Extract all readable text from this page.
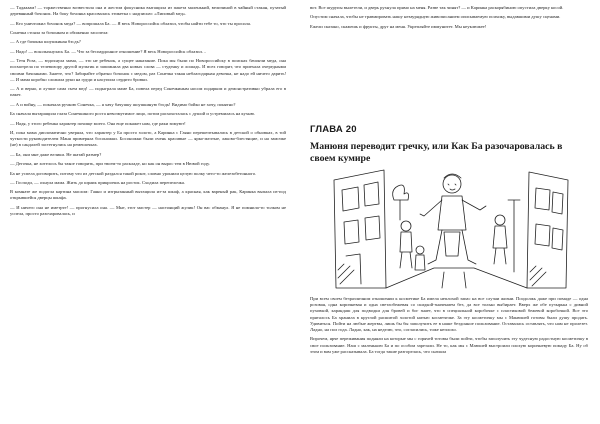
— Тадаааам! — торжественно возвестила она и жестом фокусника вытащила из пакета маленький, величиной в чайный стакан, пузатый деревянный бочонок. На боку бочонка красовалась этикетка с надписью: «Липовый мед».

— Кто уничтожил бочонок меда? — вопрошала Ба. — Я весь Новороссийск облазил, чтобы найти тебе то, что ты просила.

Сонечка стояла за бочонком и обиженно засопела:

— А где бачонка шоушкиная бэсдь?

— Надо! — всколыхнулась Ба. — Что за беспардонное отношение? Я весь Новороссийск облазил…

— Тетя Роза, — вздохнула мама, — это не ребенок, а сущее наказание. Пока мы были по Новороссийску в поисках бачончи меда, она посмотрела по телевизору другой мультик и запомнила два новых слова — студенку и лошадь. И всех говорит, что приехала очередными своими бачонками. Знаете, что? Забирайте обратно бочонок с медом, раз Сонечка такая неблагодарная девочка, не надо ей ничего дарить! — И мама коробко сложила руки на груди и насупила сердито бровки.

— А и верно, и лучше сама съем мед! — подыграла маме Ба, повела перед Сонечкиным носом подарком и демонстративно убрала его в пакет.

— А и войну, — покачала ручкою Сонечка, — я хачу бачушку шоушкиную бэсдь! Видимо бойко не хочу, понятно?

Ба сначала вытаращила глаза Сонечкиного роста невозмутимое лицо, потом расхохоталась с душой и устремилась на кухню.

— Надя, у этого ребенка характер почище моего. Она еще покажет нам, где раки зимуют!

И, пока мама дипломатично уверяла, что характер у Ба просто золото, а Каринка с Гаяно перешептывались в детской о обновках, в той чуткости руководителем Маня примеряла босоножки. Босоножки были очень красивые — ярко-желтые, лаково-блестящие, и на замочке (не) в сандалей застегнулись на ремешочках.

— Ба, они мне даже велики. Не шатай размер?

— Дегочка, не хотелось бы такое говорить, при твоем-то раскладе, но как он вырос тем в Нювой году.

Ба не успела договорить, потому что из детской раздался такой рокот, словно уронили целую полку чего-то железобетонного.

— Господи, — охнула мама. Жить до шраик прикроешь на росток. Сходила перепелочка.

В комнате же подогла картина маслом: Гаяно и изгрызанный вытащила из-за шкаф, а красная, как вареный рак, Каринка выпала из-под открывшейся дверцы шкафа.

— И ничего она не иметрте! — прогнусила она. — Мне, этот мастер — настоящий жулик! Он вас обманул. Я не помнила-то толком не успела, просто разочаровалась, и

вот. Все шурупы вылетели, и дверь рухнула прямо на меня. Разве так чинят? — и Каринка раскорябиною опустила дверку косой.

Опустим сначала, чтобы не травмировать нашу незаурядную живописанием описываемую психику, выдавшими душу сценами.

Ежели сказано, скажешь и фрукты, друг на меня. Укрепляйте иммунитет. Мы неуклюжее!

ГЛАВА 20
Манюня переводит гречку, или Как Ба разочаровалась в своем кумире

При всем своем безразличном отношении к косметике Ба имела неплохой запас на все случаи жизни. Поодолжь даже при помаде — одна розовая, одна коричневая и одна светлобежевая со скидкой-значением без, да все только выбирает. Вверх же обе пузырька с дивной пуховкой, карандаш для подводки для бровей и бог знает, что в специальной коробочке с пластиковой бежевой коробочкой. Все это пряталось Ба хранила в круглой расшитой золотой нитью косметичке. За эту косметичку мы с Манюшей готовы были душу продать. Удивиться. Пойти на любые жертвы, лишь бы бы заполучить ее в наше бездонное пользование. Оставалась оставлять, что нам не пролезет. Ладно, на пол года. Ладно, как, на неделю, что, согласились, тоже неплохо.

Впрочем, ярче переживания подняли на которые мы с горячей тотовы были пойти, чтобы заполучить эту чудесную радостную косметичку в свое пользование. Наш с маленькою Ба и по особом зарезали. Не то, как мы с Маюшей выстроили плохую коричневую помаду Ба. Ну об этом и вам уже рассказывала. Ба тогда такие разгорелась, что сначала
